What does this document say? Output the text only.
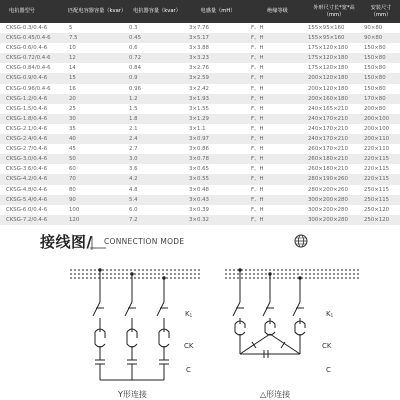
电抗器型号	匹配电容器容量（kvar）	电抗器容量（kvar）	电感量（mH）	绝缘等级	外形尺寸长*宽*高（mm）	安装尺寸（mm）
CKSG-0.3/0.4-6	5	0.3	3×7.76	F、H	155×95×160	90×80
CKSG-0.45/0.4-6	7.5	0.45	3×5.17	F、H	155×95×160	90×80
CKSG-0.6/0.4-6	10	0.6	3×3.88	F、H	175×120×180	150×80
CKSG-0.72/0.4-6	12	0.72	3×3.23	F、H	175×120×180	150×80
CKSG-0.84/0.4-6	14	0.84	3×2.76	F、H	175×120×180	150×80
CKSG-0.9/0.4-6	15	0.9	3×2.59	F、H	200×120×180	150×80
CKSG-0.96/0.4-6	16	0.96	3×2.42	F、H	200×120×180	150×80
CKSG-1.2/0.4-6	20	1.2	3×1.93	F、H	200×160×180	170×80
CKSG-1.5/0.4-6	25	1.5	3×1.55	F、H	240×165×210	200×80
CKSG-1.8/0.4-6	30	1.8	3×1.29	F、H	240×170×210	200×100
CKSG-2.1/0.4-6	35	2.1	3×1.1	F、H	240×170×210	200×100
CKSG-2.4/0.4-6	40	2.4	3×0.97	F、H	240×170×210	200×110
CKSG-2.7/0.4-6	45	2.7	3×0.86	F、H	260×170×210	220×110
CKSG-3.0/0.4-6	50	3.0	3×0.78	F、H	260×180×210	220×115
CKSG-3.6/0.4-6	60	3.6	3×0.65	F、H	260×180×210	220×115
CKSG-4.2/0.4-6	70	4.2	3×0.55	F、H	280×190×260	220×115
CKSG-4.8/0.4-6	80	4.8	3×0.48	F、H	280×200×260	250×115
CKSG-5.4/0.4-6	90	5.4	3×0.43	F、H	300×200×280	250×115
CKSG-6.0/0.4-6	100	6.0	3×0.39	F、H	300×200×280	250×120
CKSG-7.2/0.4-6	120	7.2	3×0.32	F、H	300×200×280	250×120
接线图/ CONNECTION MODE
Y形连接	△形连接
K1
CK
C
K1
CK
C
